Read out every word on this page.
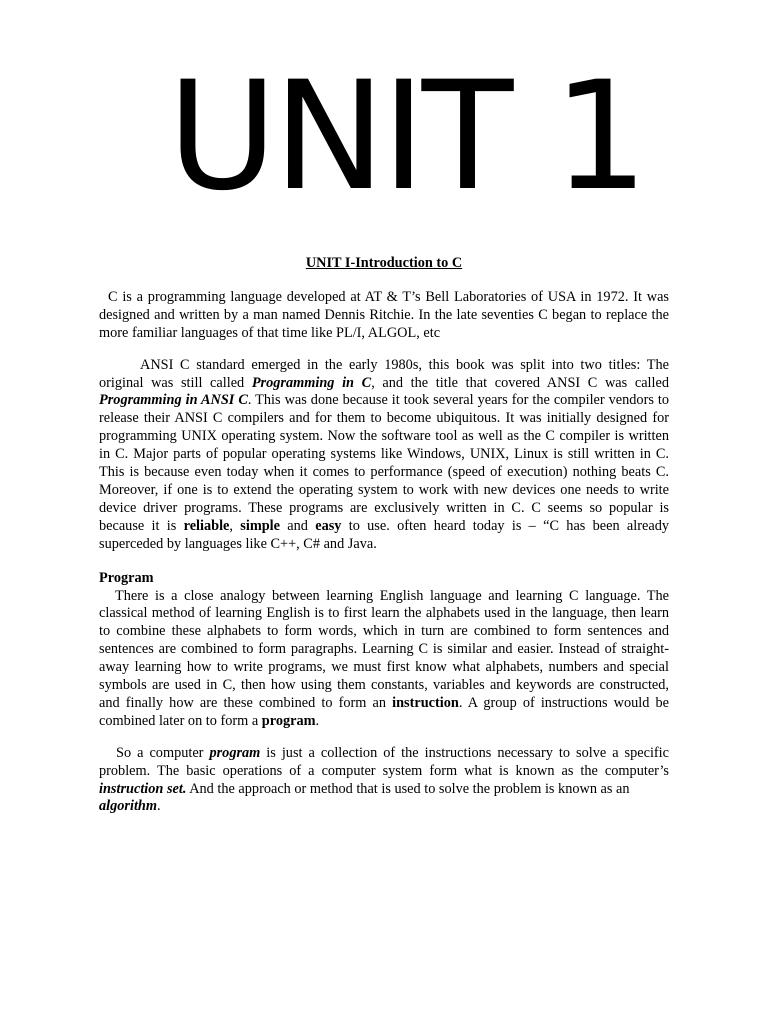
UNIT 1
UNIT I-Introduction to C

C is a programming language developed at AT & T’s Bell Laboratories of USA in 1972. It was designed and written by a man named Dennis Ritchie. In the late seventies C began to replace the more familiar languages of that time like PL/I, ALGOL, etc

ANSI C standard emerged in the early 1980s, this book was split into two titles: The original was still called Programming in C, and the title that covered ANSI C was called Programming in ANSI C. This was done because it took several years for the compiler vendors to release their ANSI C compilers and for them to become ubiquitous. It was initially designed for programming UNIX operating system. Now the software tool as well as the C compiler is written in C. Major parts of popular operating systems like Windows, UNIX, Linux is still written in C. This is because even today when it comes to performance (speed of execution) nothing beats C. Moreover, if one is to extend the operating system to work with new devices one needs to write device driver programs. These programs are exclusively written in C. C seems so popular is because it is reliable, simple and easy to use. often heard today is – “C has been already superceded by languages like C++, C# and Java.

Program

There is a close analogy between learning English language and learning C language. The classical method of learning English is to first learn the alphabets used in the language, then learn to combine these alphabets to form words, which in turn are combined to form sentences and sentences are combined to form paragraphs. Learning C is similar and easier. Instead of straight-away learning how to write programs, we must first know what alphabets, numbers and special symbols are used in C, then how using them constants, variables and keywords are constructed, and finally how are these combined to form an instruction. A group of instructions would be combined later on to form a program.

So a computer program is just a collection of the instructions necessary to solve a specific problem. The basic operations of a computer system form what is known as the computer’s instruction set. And the approach or method that is used to solve the problem is known as an

algorithm.
